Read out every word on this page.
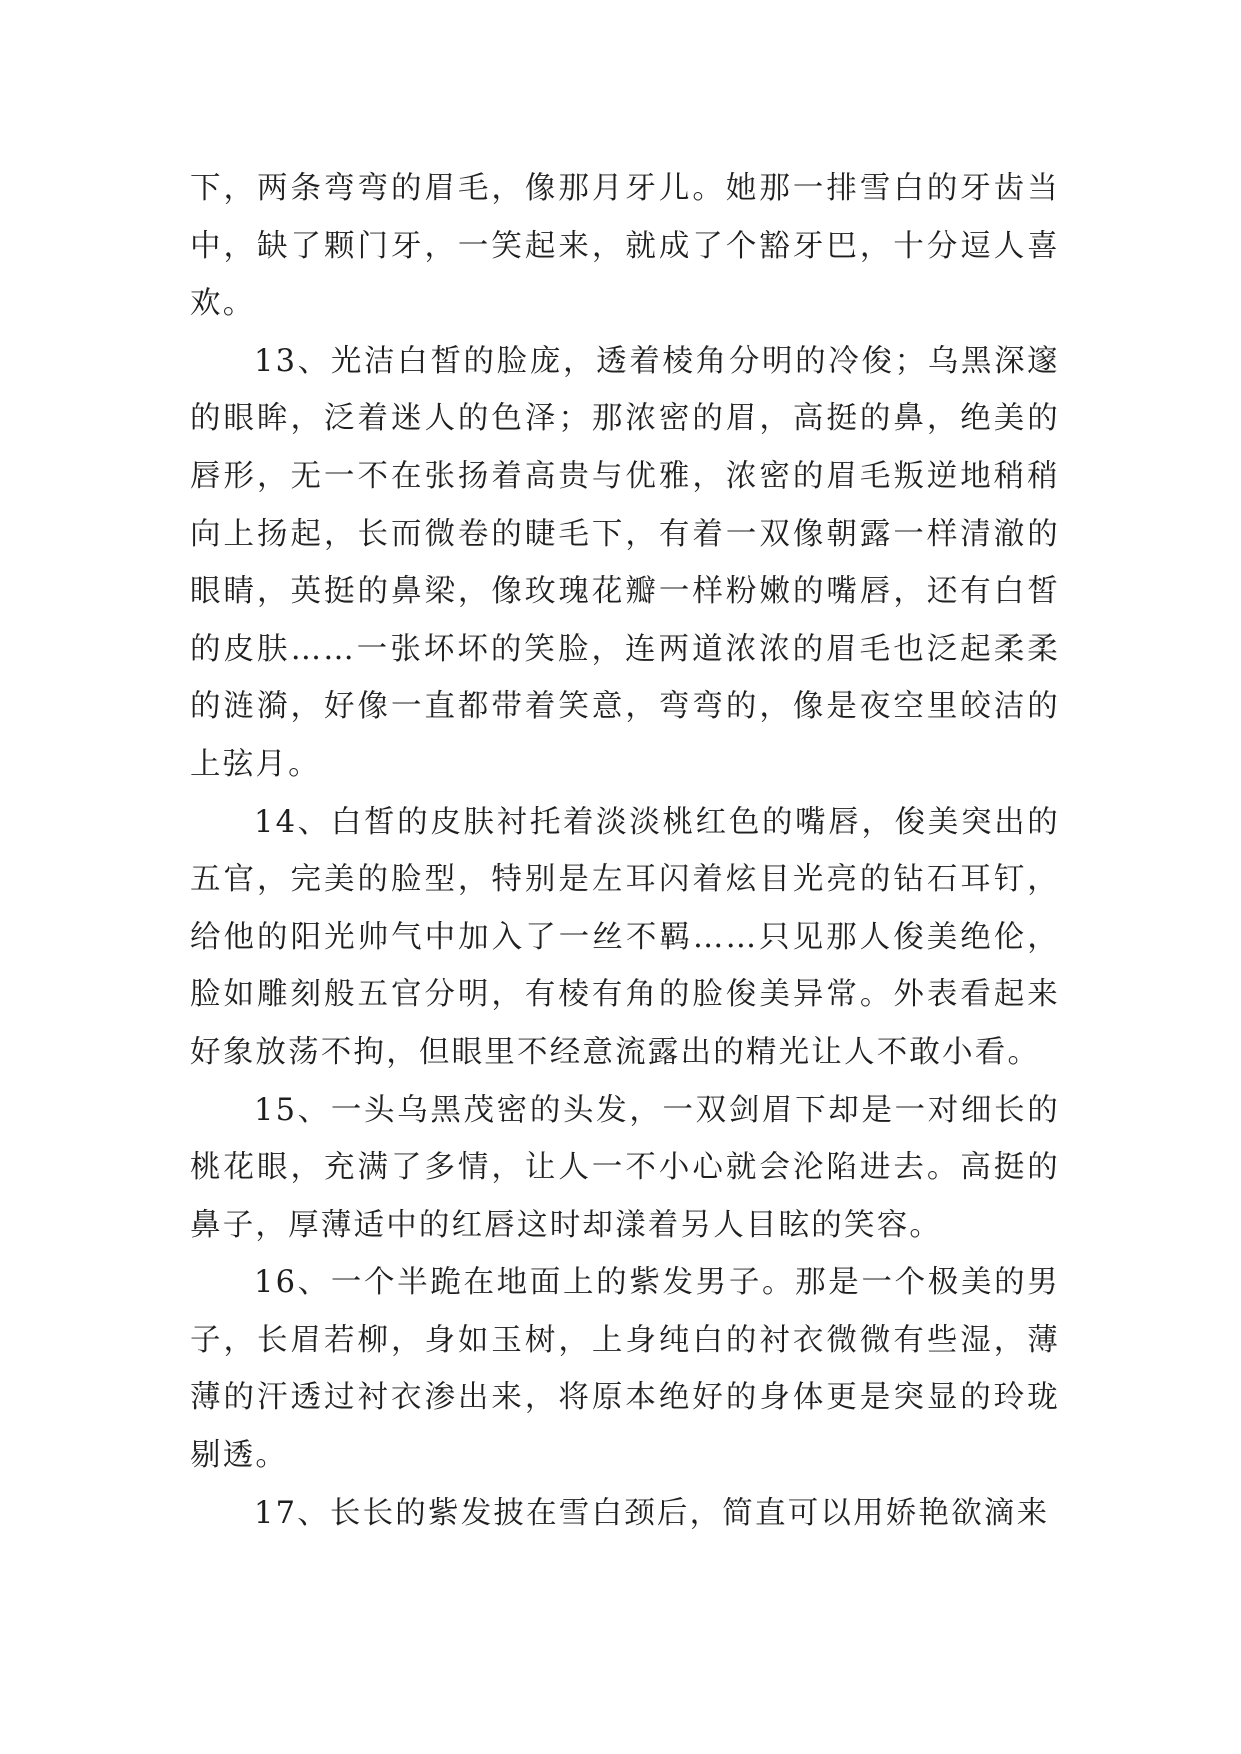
下，两条弯弯的眉毛，像那月牙儿。她那一排雪白的牙齿当中，缺了颗门牙，一笑起来，就成了个豁牙巴，十分逗人喜欢。

13、光洁白皙的脸庞，透着棱角分明的冷俊；乌黑深邃的眼眸，泛着迷人的色泽；那浓密的眉，高挺的鼻，绝美的唇形，无一不在张扬着高贵与优雅，浓密的眉毛叛逆地稍稍向上扬起，长而微卷的睫毛下，有着一双像朝露一样清澈的眼睛，英挺的鼻梁，像玫瑰花瓣一样粉嫩的嘴唇，还有白皙的皮肤……一张坏坏的笑脸，连两道浓浓的眉毛也泛起柔柔的涟漪，好像一直都带着笑意，弯弯的，像是夜空里皎洁的上弦月。

14、白皙的皮肤衬托着淡淡桃红色的嘴唇，俊美突出的五官，完美的脸型，特别是左耳闪着炫目光亮的钻石耳钉，给他的阳光帅气中加入了一丝不羁……只见那人俊美绝伦，脸如雕刻般五官分明，有棱有角的脸俊美异常。外表看起来好象放荡不拘，但眼里不经意流露出的精光让人不敢小看。

15、一头乌黑茂密的头发，一双剑眉下却是一对细长的桃花眼，充满了多情，让人一不小心就会沦陷进去。高挺的鼻子，厚薄适中的红唇这时却漾着另人目眩的笑容。

16、一个半跪在地面上的紫发男子。那是一个极美的男子，长眉若柳，身如玉树，上身纯白的衬衣微微有些湿，薄薄的汗透过衬衣渗出来，将原本绝好的身体更是突显的玲珑剔透。

17、长长的紫发披在雪白颈后，简直可以用娇艳欲滴来
